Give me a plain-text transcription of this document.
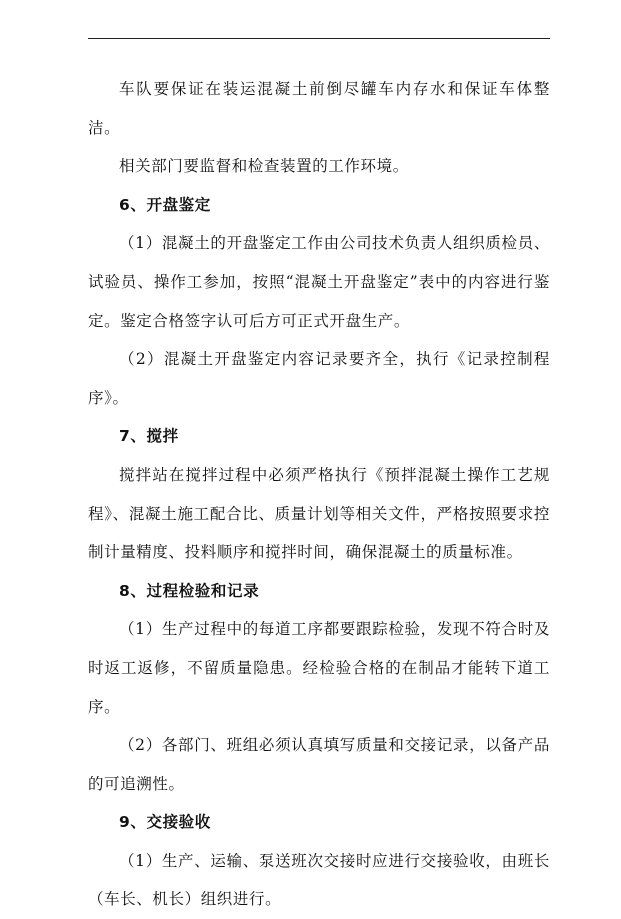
车队要保证在装运混凝土前倒尽罐车内存水和保证车体整洁。

相关部门要监督和检查装置的工作环境。

6、开盘鉴定

（1）混凝土的开盘鉴定工作由公司技术负责人组织质检员、试验员、操作工参加，按照“混凝土开盘鉴定”表中的内容进行鉴定。鉴定合格签字认可后方可正式开盘生产。

（2）混凝土开盘鉴定内容记录要齐全，执行《记录控制程序》。

7、搅拌

搅拌站在搅拌过程中必须严格执行《预拌混凝土操作工艺规程》、混凝土施工配合比、质量计划等相关文件，严格按照要求控制计量精度、投料顺序和搅拌时间，确保混凝土的质量标准。

8、过程检验和记录

（1）生产过程中的每道工序都要跟踪检验，发现不符合时及时返工返修，不留质量隐患。经检验合格的在制品才能转下道工序。

（2）各部门、班组必须认真填写质量和交接记录，以备产品的可追溯性。

9、交接验收

（1）生产、运输、泵送班次交接时应进行交接验收，由班长（车长、机长）组织进行。
